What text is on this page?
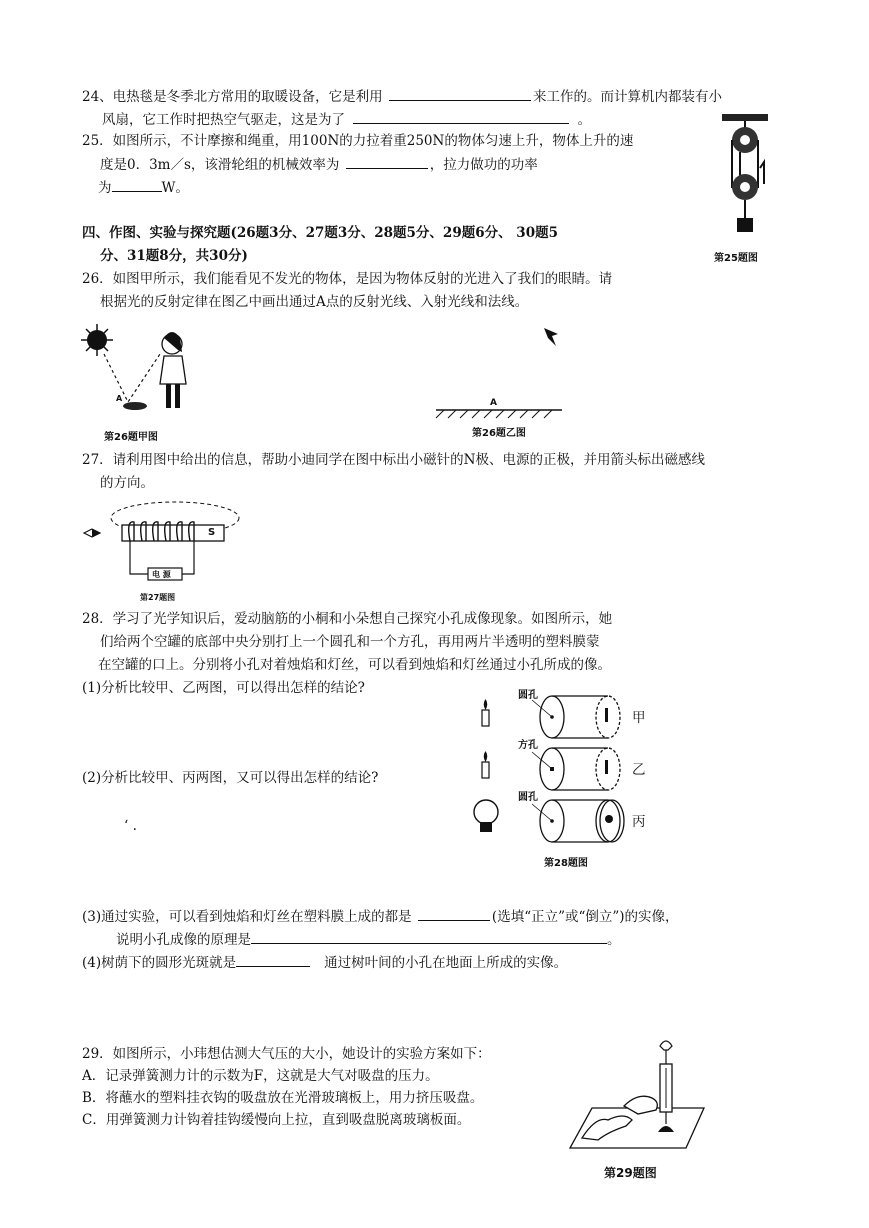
24、电热毯是冬季北方常用的取暖设备，它是利用	来工作的。而计算机内都装有小
风扇，它工作时把热空气驱走，这是为了	。
25．如图所示，不计摩擦和绳重，用100N的力拉着重250N的物体匀速上升，物体上升的速
度是0．3m／s，该滑轮组的机械效率为	，拉力做功的功率
为	W。
第25题图
四、作图、实验与探究题(26题3分、27题3分、28题5分、29题6分、 30题5
分、31题8分，共30分)
26．如图甲所示，我们能看见不发光的物体，是因为物体反射的光进入了我们的眼睛。请
根据光的反射定律在图乙中画出通过A点的反射光线、入射光线和法线。
A
第26题甲图
A
第26题乙图
27．请利用图中给出的信息，帮助小迪同学在图中标出小磁针的N极、电源的正极，并用箭头标出磁感线
的方向。
S
电 源
第27题图
28．学习了光学知识后，爱动脑筋的小桐和小朵想自己探究小孔成像现象。如图所示，她
们给两个空罐的底部中央分别打上一个圆孔和一个方孔，再用两片半透明的塑料膜蒙
在空罐的口上。分别将小孔对着烛焰和灯丝，可以看到烛焰和灯丝通过小孔所成的像。
(1)分析比较甲、乙两图，可以得出怎样的结论?
(2)分析比较甲、丙两图，又可以得出怎样的结论?
‘ .
圆孔
方孔
圆孔
甲
乙
丙
第28题图
(3)通过实验，可以看到烛焰和灯丝在塑料膜上成的都是	(选填“正立”或“倒立”)的实像，
说明小孔成像的原理是	。
(4)树荫下的圆形光斑就是	通过树叶间的小孔在地面上所成的实像。
29．如图所示，小玮想估测大气压的大小，她设计的实验方案如下：
A．记录弹簧测力计的示数为F，这就是大气对吸盘的压力。
B．将蘸水的塑料挂衣钩的吸盘放在光滑玻璃板上，用力挤压吸盘。
C．用弹簧测力计钩着挂钩缓慢向上拉，直到吸盘脱离玻璃板面。
第29题图
